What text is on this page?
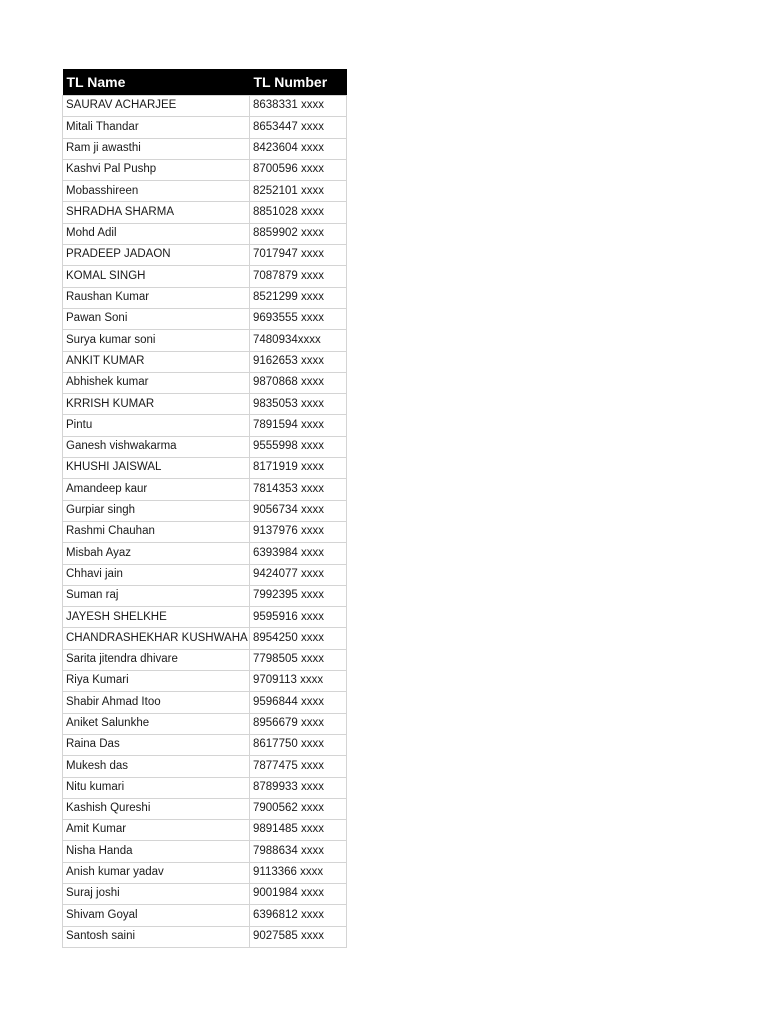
TL Name	TL Number
SAURAV ACHARJEE	8638331 xxxx
Mitali Thandar	8653447 xxxx
Ram ji awasthi	8423604 xxxx
Kashvi Pal Pushp	8700596 xxxx
Mobasshireen	8252101 xxxx
SHRADHA SHARMA	8851028 xxxx
Mohd Adil	8859902 xxxx
PRADEEP JADAON	7017947 xxxx
KOMAL SINGH	7087879 xxxx
Raushan Kumar	8521299 xxxx
Pawan Soni	9693555 xxxx
Surya kumar soni	7480934xxxx
ANKIT KUMAR	9162653 xxxx
Abhishek kumar	9870868 xxxx
KRRISH KUMAR	9835053 xxxx
Pintu	7891594 xxxx
Ganesh vishwakarma	9555998 xxxx
KHUSHI JAISWAL	8171919 xxxx
Amandeep kaur	7814353 xxxx
Gurpiar singh	9056734 xxxx
Rashmi Chauhan	9137976 xxxx
Misbah Ayaz	6393984 xxxx
Chhavi jain	9424077 xxxx
Suman raj	7992395 xxxx
JAYESH SHELKHE	9595916 xxxx
CHANDRASHEKHAR KUSHWAHA	8954250 xxxx
Sarita jitendra dhivare	7798505 xxxx
Riya Kumari	9709113 xxxx
Shabir Ahmad Itoo	9596844 xxxx
Aniket Salunkhe	8956679 xxxx
Raina Das	8617750 xxxx
Mukesh das	7877475 xxxx
Nitu kumari	8789933 xxxx
Kashish Qureshi	7900562 xxxx
Amit Kumar	9891485 xxxx
Nisha Handa	7988634 xxxx
Anish kumar yadav	9113366 xxxx
Suraj joshi	9001984 xxxx
Shivam Goyal	6396812 xxxx
Santosh saini	9027585 xxxx
